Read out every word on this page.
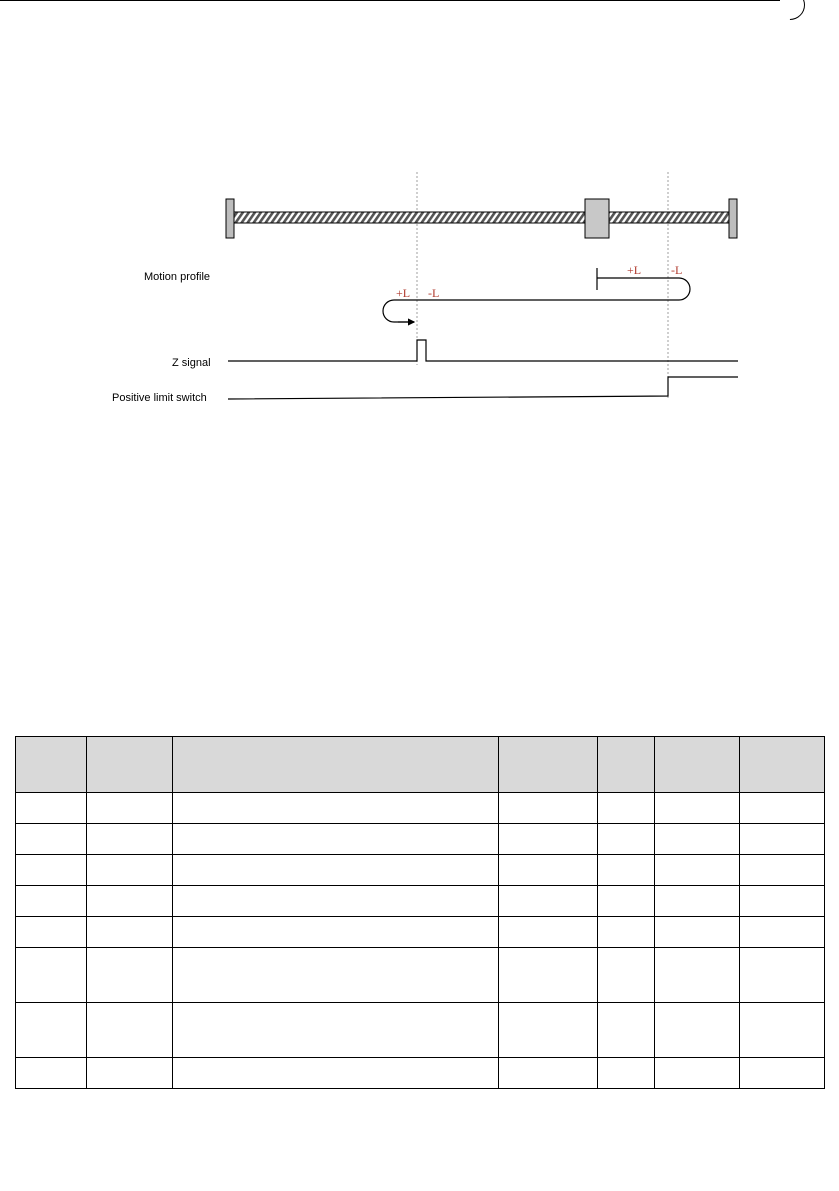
Motion profile
Z signal
Positive limit switch
+L -L
+L -L
